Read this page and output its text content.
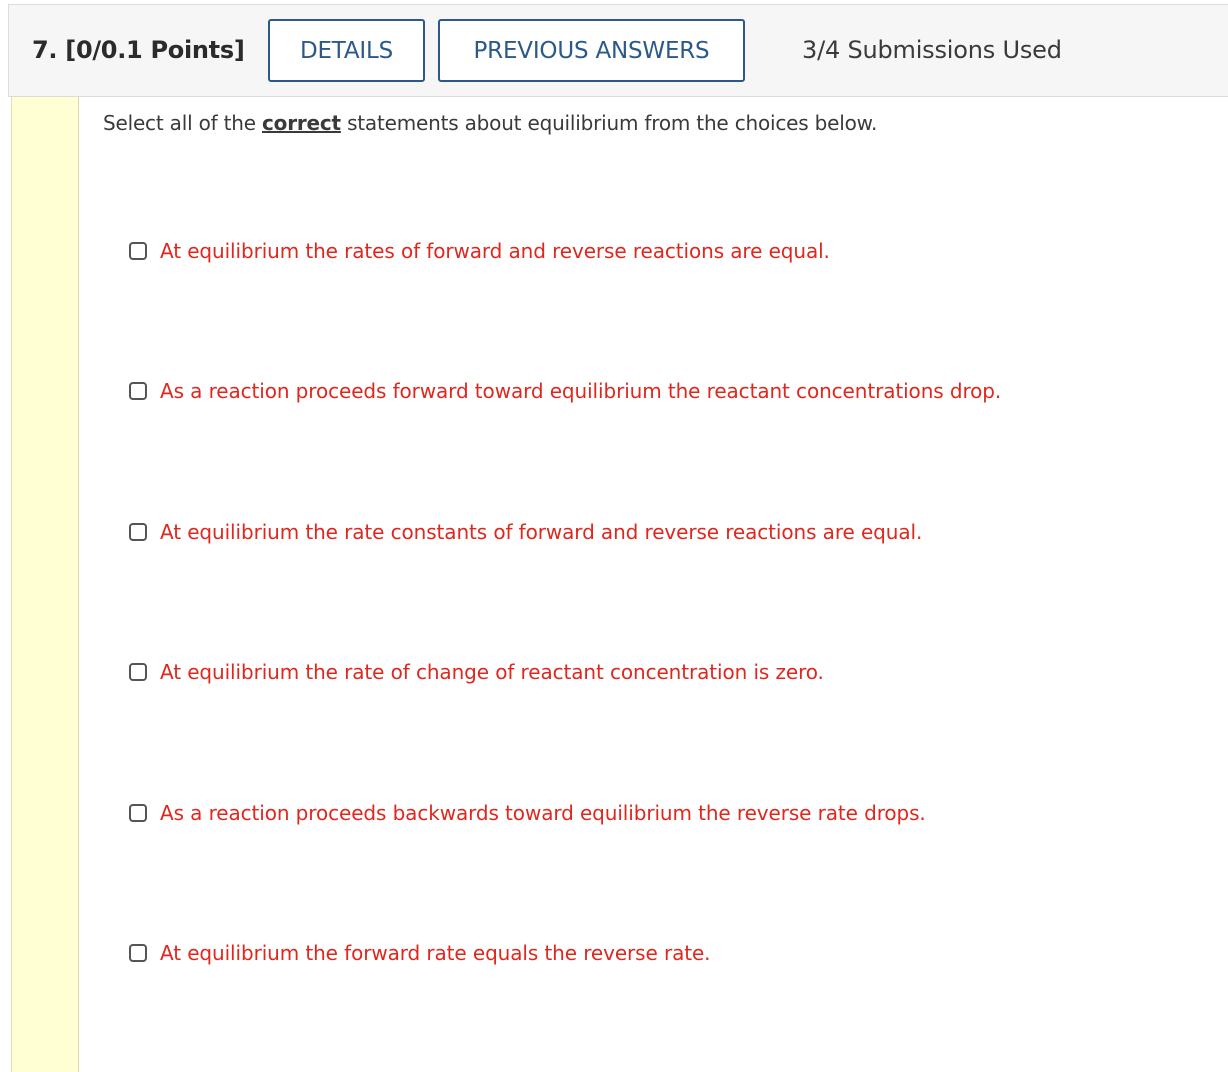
7. [0/0.1 Points]	DETAILS	PREVIOUS ANSWERS	3/4 Submissions Used
Select all of the correct statements about equilibrium from the choices below.
At equilibrium the rates of forward and reverse reactions are equal.
As a reaction proceeds forward toward equilibrium the reactant concentrations drop.
At equilibrium the rate constants of forward and reverse reactions are equal.
At equilibrium the rate of change of reactant concentration is zero.
As a reaction proceeds backwards toward equilibrium the reverse rate drops.
At equilibrium the forward rate equals the reverse rate.
